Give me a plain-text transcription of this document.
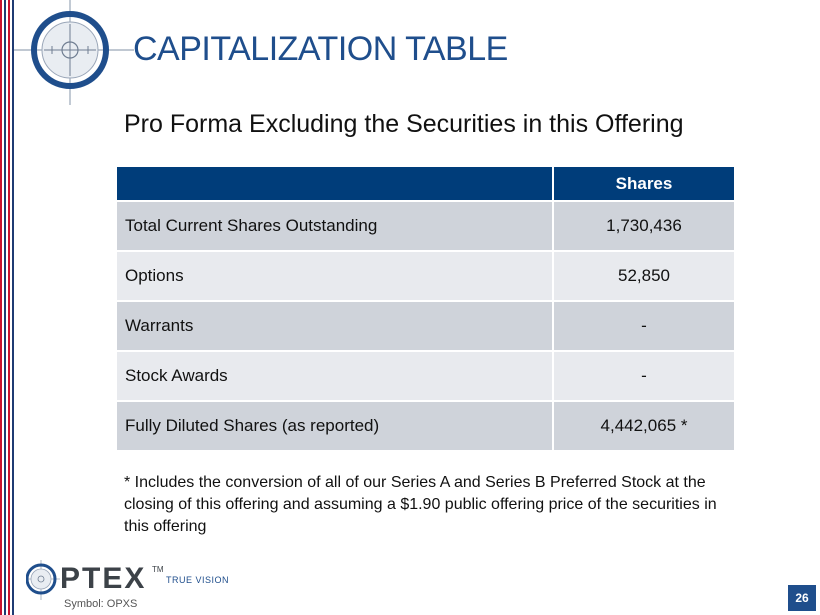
CAPITALIZATION TABLE
Pro Forma Excluding the Securities in this Offering
	Shares
Total Current Shares Outstanding	1,730,436
Options	52,850
Warrants	-
Stock Awards	-
Fully Diluted Shares (as reported)	4,442,065 *
* Includes the conversion of all of our Series A and Series B Preferred Stock at the closing of this offering and assuming a $1.90 public offering price of the securities in this offering
PTEX TM
TRUE VISION
Symbol: OPXS	26
